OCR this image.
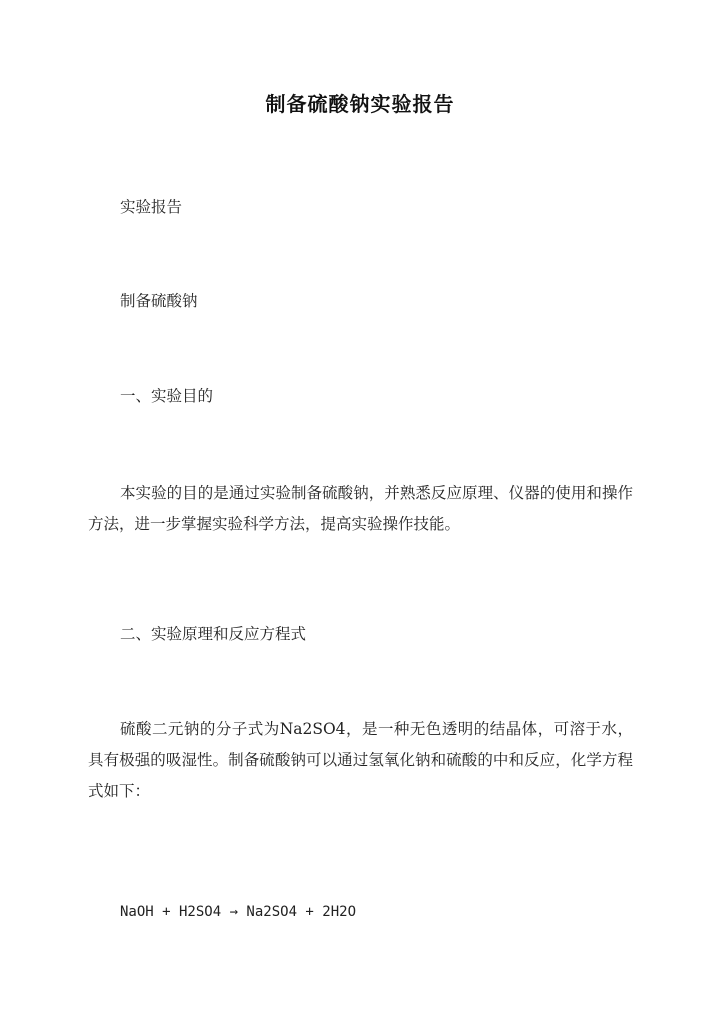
制备硫酸钠实验报告

实验报告

制备硫酸钠

一、实验目的

本实验的目的是通过实验制备硫酸钠，并熟悉反应原理、仪器的使用和操作方法，进一步掌握实验科学方法，提高实验操作技能。

二、实验原理和反应方程式

硫酸二元钠的分子式为Na2SO4，是一种无色透明的结晶体，可溶于水，具有极强的吸湿性。制备硫酸钠可以通过氢氧化钠和硫酸的中和反应，化学方程式如下：

NaOH + H2SO4 → Na2SO4 + 2H2O
